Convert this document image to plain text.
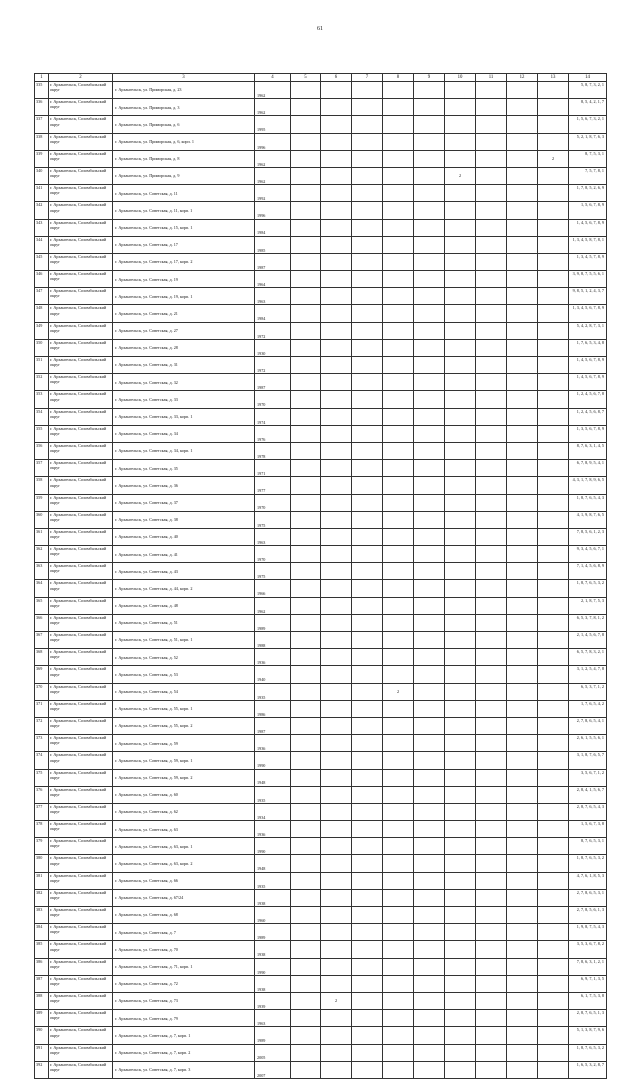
61
1	2	3	4	5	6	7	8	9	10	11	12	13	14
335	г. Архангельск, Соломбальский округ	г. Архангельск, ул. Приморская, д. 23	1962										5, 8, 7, 3, 2, 1
336	г. Архангельск, Соломбальский округ	г. Архангельск, ул. Приморская, д. 3	1962										8, 5, 4, 2, 1, 7
337	г. Архангельск, Соломбальский округ	г. Архангельск, ул. Приморская, д. 6	1995										1, 5, 6, 7, 3, 2, 1
338	г. Архангельск, Соломбальский округ	г. Архангельск, ул. Приморская, д. 6, корп. 1	1996										5, 2, 1, 8, 7, 6, 3
339	г. Архангельск, Соломбальский округ	г. Архангельск, ул. Приморская, д. 8	1962									2	8, 7, 5, 3, 1
340	г. Архангельск, Соломбальский округ	г. Архангельск, ул. Приморская, д. 9	1962						2				7, 5, 7, 8, 1
341	г. Архангельск, Соломбальский округ	г. Архангельск, ул. Советская, д. 11	1992										1, 7, 8, 5, 2, 6, 9
342	г. Архангельск, Соломбальский округ	г. Архангельск, ул. Советская, д. 11, корп. 1	1996										1, 5, 6, 7, 8, 9
343	г. Архангельск, Соломбальский округ	г. Архангельск, ул. Советская, д. 15, корп. 1	1984										1, 4, 5, 6, 7, 8, 9
344	г. Архангельск, Соломбальский округ	г. Архангельск, ул. Советская, д. 17	1985										1, 3, 4, 5, 8, 7, 8, 1
345	г. Архангельск, Соломбальский округ	г. Архангельск, ул. Советская, д. 17, корп. 2	1987										1, 3, 4, 5, 7, 8, 9
346	г. Архангельск, Соломбальский округ	г. Архангельск, ул. Советская, д. 19	1964										3, 9, 8, 7, 5, 5, 6, 1
347	г. Архангельск, Соломбальский округ	г. Архангельск, ул. Советская, д. 19, корп. 1	1963										9, 8, 5, 1, 2, 4, 3, 7
348	г. Архангельск, Соломбальский округ	г. Архангельск, ул. Советская, д. 21	1984										1, 3, 4, 5, 6, 7, 8, 9
349	г. Архангельск, Соломбальский округ	г. Архангельск, ул. Советская, д. 27	1972										5, 4, 2, 8, 7, 3, 1
350	г. Архангельск, Соломбальский округ	г. Архангельск, ул. Советская, д. 28	1930										1, 7, 6, 5, 3, 4, 8
351	г. Архангельск, Соломбальский округ	г. Архангельск, ул. Советская, д. 31	1972										1, 4, 5, 6, 7, 8, 9
352	г. Архангельск, Соломбальский округ	г. Архангельск, ул. Советская, д. 32	1987										1, 4, 5, 6, 7, 8, 9
353	г. Архангельск, Соломбальский округ	г. Архангельск, ул. Советская, д. 33	1970										1, 2, 4, 5, 6, 7, 8
354	г. Архангельск, Соломбальский округ	г. Архангельск, ул. Советская, д. 33, корп. 1	1974										1, 2, 4, 5, 6, 8, 7
355	г. Архангельск, Соломбальский округ	г. Архангельск, ул. Советская, д. 34	1976										1, 3, 5, 6, 7, 8, 9
356	г. Архангельск, Соломбальский округ	г. Архангельск, ул. Советская, д. 34, корп. 1	1978										8, 7, 6, 3, 1, 4, 5
357	г. Архангельск, Соломбальский округ	г. Архангельск, ул. Советская, д. 35	1971										6, 7, 8, 9, 5, 4, 1
358	г. Архангельск, Соломбальский округ	г. Архангельск, ул. Советская, д. 36	1977										4, 3, 1, 7, 8, 9, 6, 5
359	г. Архангельск, Соломбальский округ	г. Архангельск, ул. Советская, д. 37	1970										1, 8, 7, 6, 5, 4, 3
360	г. Архангельск, Соломбальский округ	г. Архангельск, ул. Советская, д. 38	1975										4, 1, 9, 8, 7, 6, 5
361	г. Архангельск, Соломбальский округ	г. Архангельск, ул. Советская, д. 40	1963										7, 8, 5, 6, 1, 2, 3
362	г. Архангельск, Соломбальский округ	г. Архангельск, ул. Советская, д. 41	1970										9, 3, 4, 5, 6, 7, 1
363	г. Архангельск, Соломбальский округ	г. Архангельск, ул. Советская, д. 43	1975										7, 1, 4, 5, 6, 8, 9
364	г. Архангельск, Соломбальский округ	г. Архангельск, ул. Советская, д. 44, корп. 2	1966										1, 8, 7, 6, 5, 3, 2
365	г. Архангельск, Соломбальский округ	г. Архангельск, ул. Советская, д. 48	1962										2, 1, 8, 7, 5, 3
366	г. Архангельск, Соломбальский округ	г. Архангельск, ул. Советская, д. 51	1989										6, 5, 3, 7, 8, 1, 2
367	г. Архангельск, Соломбальский округ	г. Архангельск, ул. Советская, д. 51, корп. 1	1988										2, 1, 4, 5, 6, 7, 8
368	г. Архангельск, Соломбальский округ	г. Архангельск, ул. Советская, д. 52	1936										6, 5, 7, 8, 3, 2, 1
369	г. Архангельск, Соломбальский округ	г. Архангельск, ул. Советская, д. 53	1940										3, 1, 2, 5, 4, 7, 8
370	г. Архангельск, Соломбальский округ	г. Архангельск, ул. Советская, д. 54	1935				2						6, 5, 3, 7, 1, 2
371	г. Архангельск, Соломбальский округ	г. Архангельск, ул. Советская, д. 55, корп. 1	1986										1, 7, 6, 5, 4, 2
372	г. Архангельск, Соломбальский округ	г. Архангельск, ул. Советская, д. 55, корп. 2	1987										2, 7, 8, 6, 5, 4, 1
373	г. Архангельск, Соломбальский округ	г. Архангельск, ул. Советская, д. 59	1936										2, 6, 1, 5, 5, 6, 1
374	г. Архангельск, Соломбальский округ	г. Архангельск, ул. Советская, д. 59, корп. 1	1990										3, 1, 8, 7, 6, 5, 7
375	г. Архангельск, Соломбальский округ	г. Архангельск, ул. Советская, д. 59, корп. 2	1948										3, 5, 6, 7, 1, 2
376	г. Архангельск, Соломбальский округ	г. Архангельск, ул. Советская, д. 60	1935										2, 8, 4, 1, 5, 6, 7
377	г. Архангельск, Соломбальский округ	г. Архангельск, ул. Советская, д. 62	1934										2, 8, 7, 6, 5, 4, 3
378	г. Архангельск, Соломбальский округ	г. Архангельск, ул. Советская, д. 63	1936										1, 5, 6, 7, 3, 8
379	г. Архангельск, Соломбальский округ	г. Архангельск, ул. Советская, д. 63, корп. 1	1990										8, 7, 6, 5, 3, 1
380	г. Архангельск, Соломбальский округ	г. Архангельск, ул. Советская, д. 63, корп. 2	1948										1, 8, 7, 6, 5, 3, 2
381	г. Архангельск, Соломбальский округ	г. Архангельск, ул. Советская, д. 66	1935										4, 7, 6, 1, 8, 5, 3
382	г. Архангельск, Соломбальский округ	г. Архангельск, ул. Советская, д. 67/24	1938										2, 7, 8, 6, 5, 3, 1
383	г. Архангельск, Соломбальский округ	г. Архангельск, ул. Советская, д. 68	1960										2, 7, 8, 5, 6, 1, 3
384	г. Архангельск, Соломбальский округ	г. Архангельск, ул. Советская, д. 7	1989										1, 9, 8, 7, 5, 4, 3
385	г. Архангельск, Соломбальский округ	г. Архангельск, ул. Советская, д. 70	1938										3, 5, 3, 6, 7, 8, 2
386	г. Архангельск, Соломбальский округ	г. Архангельск, ул. Советская, д. 71, корп. 1	1990										7, 8, 6, 3, 1, 2, 1
387	г. Архангельск, Соломбальский округ	г. Архангельск, ул. Советская, д. 72	1938										6, 9, 7, 1, 3, 5
388	г. Архангельск, Соломбальский округ	г. Архангельск, ул. Советская, д. 73	1939		2								6, 1, 7, 5, 3, 8
389	г. Архангельск, Соломбальский округ	г. Архангельск, ул. Советская, д. 79	1963										2, 8, 7, 6, 5, 1, 3
390	г. Архангельск, Соломбальский округ	г. Архангельск, ул. Советская, д. 7, корп. 1	1989										5, 1, 3, 8, 7, 9, 6
391	г. Архангельск, Соломбальский округ	г. Архангельск, ул. Советская, д. 7, корп. 2	2005										1, 8, 7, 6, 5, 3, 2
392	г. Архангельск, Соломбальский округ	г. Архангельск, ул. Советская, д. 7, корп. 3	2007										1, 6, 5, 3, 2, 8, 7
